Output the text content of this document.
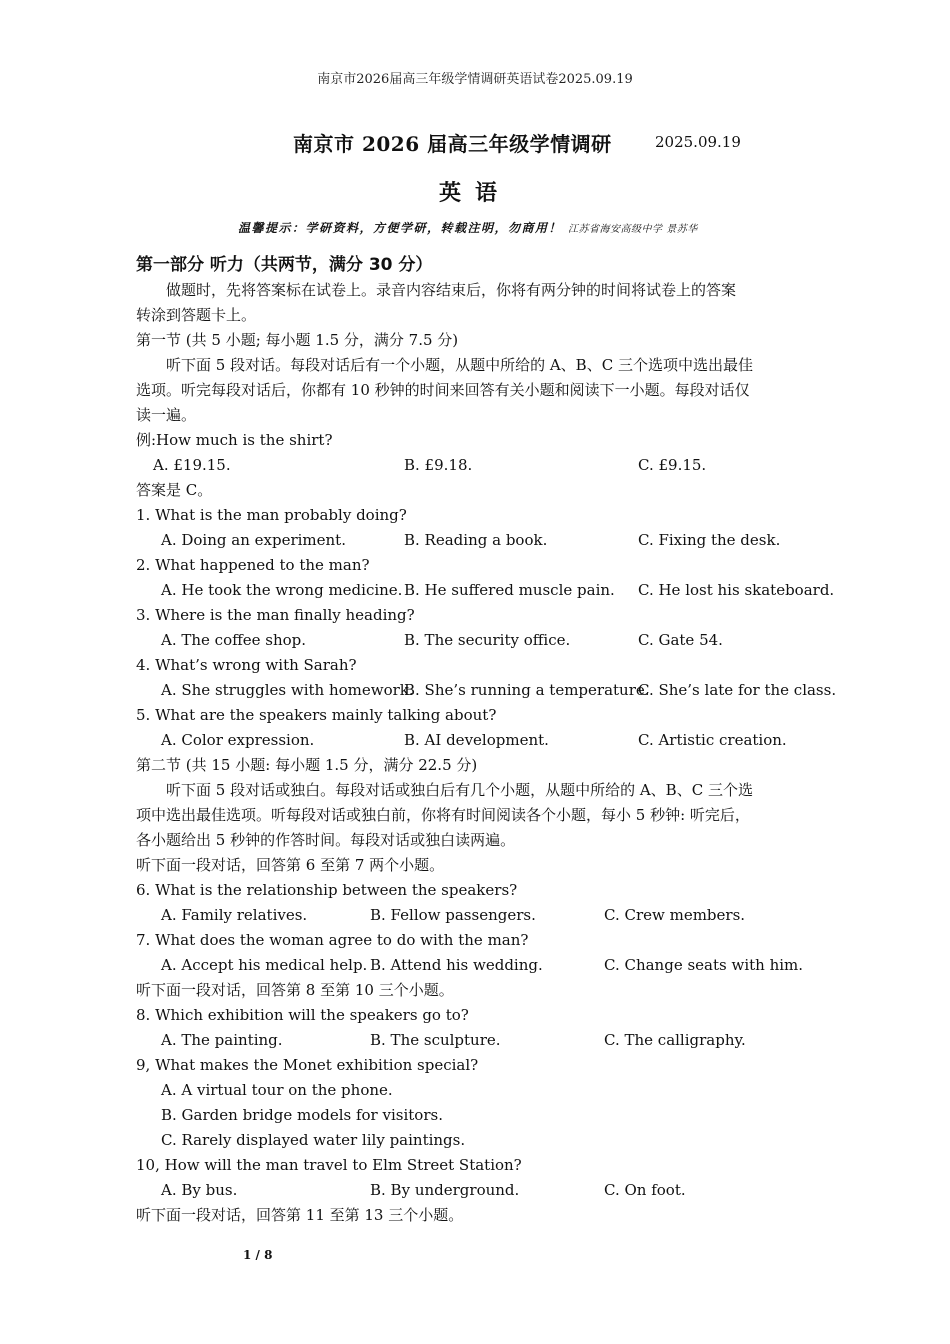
南京市2026届高三年级学情调研英语试卷2025.09.19
南京市 2026 届高三年级学情调研	2025.09.19
英语
温馨提示：学研资料，方便学研，转载注明，勿商用！ 江苏省海安高级中学 景苏华
第一部分 听力（共两节，满分 30 分）
做题时，先将答案标在试卷上。录音内容结束后，你将有两分钟的时间将试卷上的答案
转涂到答题卡上。
第一节 (共 5 小题; 每小题 1.5 分，满分 7.5 分)
听下面 5 段对话。每段对话后有一个小题，从题中所给的 A、B、C 三个选项中选出最佳
选项。听完每段对话后，你都有 10 秒钟的时间来回答有关小题和阅读下一小题。每段对话仅
读一遍。
例:How much is the shirt?
A. £19.15.	B. £9.18.	C. £9.15.
答案是 C。
1. What is the man probably doing?
A. Doing an experiment.	B. Reading a book.	C. Fixing the desk.
2. What happened to the man?
A. He took the wrong medicine. B. He suffered muscle pain. C. He lost his skateboard.
3. Where is the man finally heading?
A. The coffee shop.	B. The security office.	C. Gate 54.
4. What’s wrong with Sarah?
A. She struggles with homework.
B. She’s running a temperature.
C. She’s late for the class.
5. What are the speakers mainly talking about?
A. Color expression.	B. AI development.	C. Artistic creation.
第二节 (共 15 小题: 每小题 1.5 分，满分 22.5 分)
听下面 5 段对话或独白。每段对话或独白后有几个小题，从题中所给的 A、B、C 三个选
项中选出最佳选项。听每段对话或独白前，你将有时间阅读各个小题，每小 5 秒钟: 听完后，
各小题给出 5 秒钟的作答时间。每段对话或独白读两遍。
听下面一段对话，回答第 6 至第 7 两个小题。
6. What is the relationship between the speakers?
A. Family relatives.	B. Fellow passengers.	C. Crew members.
7. What does the woman agree to do with the man?
A. Accept his medical help. B. Attend his wedding.	C. Change seats with him.
听下面一段对话，回答第 8 至第 10 三个小题。
8. Which exhibition will the speakers go to?
A. The painting.	B. The sculpture.	C. The calligraphy.
9, What makes the Monet exhibition special?
A. A virtual tour on the phone.
B. Garden bridge models for visitors.
C. Rarely displayed water lily paintings.
10, How will the man travel to Elm Street Station?
A. By bus.	B. By underground.	C. On foot.
听下面一段对话，回答第 11 至第 13 三个小题。
1 / 8
